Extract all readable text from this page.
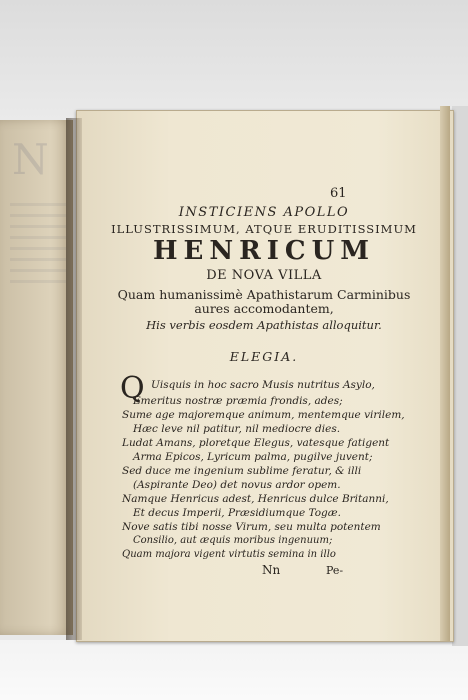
N
61
INSTICIENS APOLLO
ILLUSTRISSIMUM, ATQUE ERUDITISSIMUM
HENRICUM
DE NOVA VILLA
Quam humanissimè Apathistarum Carminibus
aures accomodantem,
His verbis eosdem Apathistas alloquitur.
ELEGIA.
Q Uisquis in hoc sacro Musis nutritus Asylo,
Emeritus nostræ præmia frondis, ades;
Sume age majoremque animum, mentemque virilem,
Hæc leve nil patitur, nil mediocre dies.
Ludat Amans, ploretque Elegus, vatesque fatigent
Arma Epicos, Lyricum palma, pugilve juvent;
Sed duce me ingenium sublime feratur, & illi
(Aspirante Deo) det novus ardor opem.
Namque Henricus adest, Henricus dulce Britanni,
Et decus Imperii, Præsidiumque Togæ.
Nove satis tibi nosse Virum, seu multa potentem
Consilio, aut æquis moribus ingenuum;
Quam majora vigent virtutis semina in illo
Nn	Pe-
